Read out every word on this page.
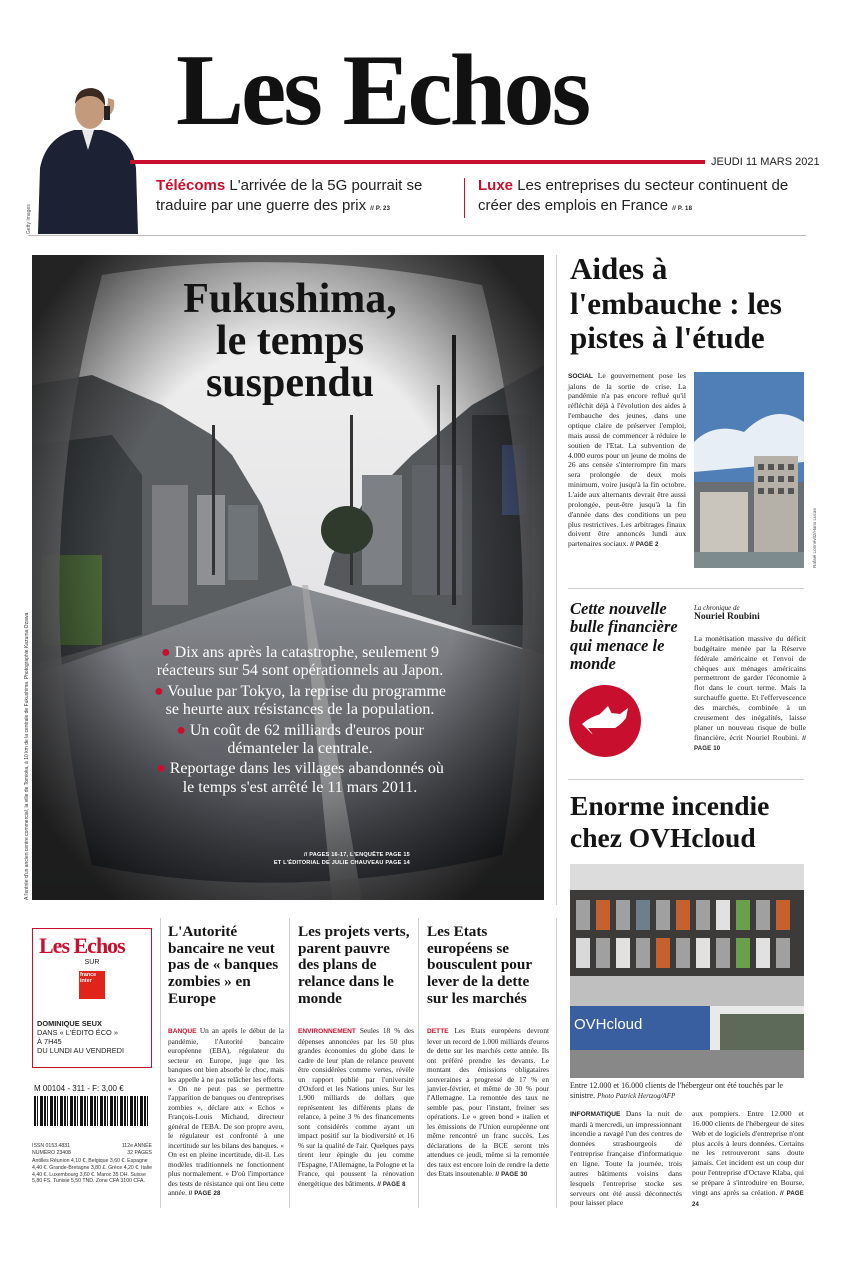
Getty Images
Les Echos
JEUDI 11 MARS 2021
Télécoms L'arrivée de la 5G pourrait se traduire par une guerre des prix // P. 23
Luxe Les entreprises du secteur continuent de créer des emplois en France // P. 18
Fukushima,
le temps
suspendu
● Dix ans après la catastrophe, seulement 9 réacteurs sur 54 sont opérationnels au Japon.
● Voulue par Tokyo, la reprise du programme se heurte aux résistances de la population.
● Un coût de 62 milliards d'euros pour démanteler la centrale.
● Reportage dans les villages abandonnés où le temps s'est arrêté le 11 mars 2011.
// PAGES 16-17, L'ENQUÊTE PAGE 15
ET L'ÉDITORIAL DE JULIE CHAUVEAU PAGE 14
A l'entrée d'un ancien centre commercial, la ville de Tomioka, à 10 km de la centrale de Fukushima. Photographie Kazuma Ozawa
Aides à l'embauche : les pistes à l'étude
SOCIAL Le gouvernement pose les jalons de la sortie de crise. La pandémie n'a pas encore reflué qu'il réfléchit déjà à l'évolution des aides à l'embauche des jeunes, dans une optique claire de préserver l'emploi, mais aussi de commencer à réduire le soutien de l'Etat. La subvention de 4.000 euros pour un jeune de moins de 26 ans censée s'interrompre fin mars sera prolongée de deux mois minimum, voire jusqu'à la fin octobre. L'aide aux alternants devrait être aussi prolongée, peut-être jusqu'à la fin d'année dans des conditions un peu plus restrictives. Les arbitrages finaux doivent être annoncés lundi aux partenaires sociaux. // PAGE 2	Rafael Lonnevitz/Hans Lucas
Cette nouvelle bulle financière qui menace le monde
La chronique de
Nouriel Roubini
La monétisation massive du déficit budgétaire menée par la Réserve fédérale américaine et l'envoi de chèques aux ménages américains permettront de garder l'économie à flot dans le court terme. Mais la surchauffe guette. Et l'effervescence des marchés, combinée à un creusement des inégalités, laisse planer un nouveau risque de bulle financière, écrit Nouriel Roubini. // PAGE 10
Enorme incendie chez OVHcloud
OVHcloud
Entre 12.000 et 16.000 clients de l'hébergeur ont été touchés par le sinistre. Photo Patrick Hertzog/AFP
INFORMATIQUE Dans la nuit de mardi à mercredi, un impressionnant incendie a ravagé l'un des centres de données strasbourgeois de l'entreprise française d'informatique en ligne. Toute la journée, trois autres bâtiments voisins dans lesquels l'entreprise stocke ses serveurs ont été aussi déconnectés pour laisser place
aux pompiers. Entre 12.000 et 16.000 clients de l'hébergeur de sites Web et de logiciels d'entreprise n'ont plus accès à leurs données. Certains ne les retrouveront sans doute jamais. Cet incident est un coup dur pour l'entreprise d'Octave Klaba, qui se prépare à s'introduire en Bourse, vingt ans après sa création. // PAGE 24
Les Echos
SUR
france inter
DOMINIQUE SEUX
DANS « L'ÉDITO ÉCO »
À 7H45
DU LUNDI AU VENDREDI
M 00104 - 311 - F: 3,00 €
ISSN 0153.4831	112e ANNÉE
NUMÉRO 23408	32 PAGES
Antilles Réunion 4,10 €. Belgique 3,60 €. Espagne 4,40 €. Grande-Bretagne 3,80 £. Grèce 4,20 €. Italie 4,40 €. Luxembourg 3,60 €. Maroc 35 DH. Suisse 5,80 FS. Tunisie 5,50 TND. Zone CFA 3100 CFA.
L'Autorité bancaire ne veut pas de « banques zombies » en Europe
BANQUE Un an après le début de la pandémie, l'Autorité bancaire européenne (EBA), régulateur du secteur en Europe, juge que les banques ont bien absorbé le choc, mais les appelle à ne pas relâcher les efforts. « On ne peut pas se permettre l'apparition de banques ou d'entreprises zombies », déclare aux « Echos » François-Louis Michaud, directeur général de l'EBA. De son propre aveu, le régulateur est confronté à une incertitude sur les bilans des banques. « On est en pleine incertitude, dit-il. Les modèles traditionnels ne fonctionnent plus normalement. » D'où l'importance des tests de résistance qui ont lieu cette année. // PAGE 28
Les projets verts, parent pauvre des plans de relance dans le monde
ENVIRONNEMENT Seules 18 % des dépenses annoncées par les 50 plus grandes économies du globe dans le cadre de leur plan de relance peuvent être considérées comme vertes, révèle un rapport publié par l'université d'Oxford et les Nations unies. Sur les 1.900 milliards de dollars que représentent les différents plans de relance, à peine 3 % des financements sont considérés comme ayant un impact positif sur la biodiversité et 16 % sur la qualité de l'air. Quelques pays tirent leur épingle du jeu comme l'Espagne, l'Allemagne, la Pologne et la France, qui poussent la rénovation énergétique des bâtiments. // PAGE 8
Les Etats européens se bousculent pour lever de la dette sur les marchés
DETTE Les Etats européens devront lever un record de 1.000 milliards d'euros de dette sur les marchés cette année. Ils ont préféré prendre les devants. Le montant des émissions obligataires souveraines a progressé de 17 % en janvier-février, et même de 30 % pour l'Allemagne. La remontée des taux ne semble pas, pour l'instant, freiner ses opérations. Le « green bond » italien et les émissions de l'Union européenne ont même rencontré un franc succès. Les déclarations de la BCE seront très attendues ce jeudi, même si la remontée des taux est encore loin de rendre la dette des Etats insoutenable. // PAGE 30
